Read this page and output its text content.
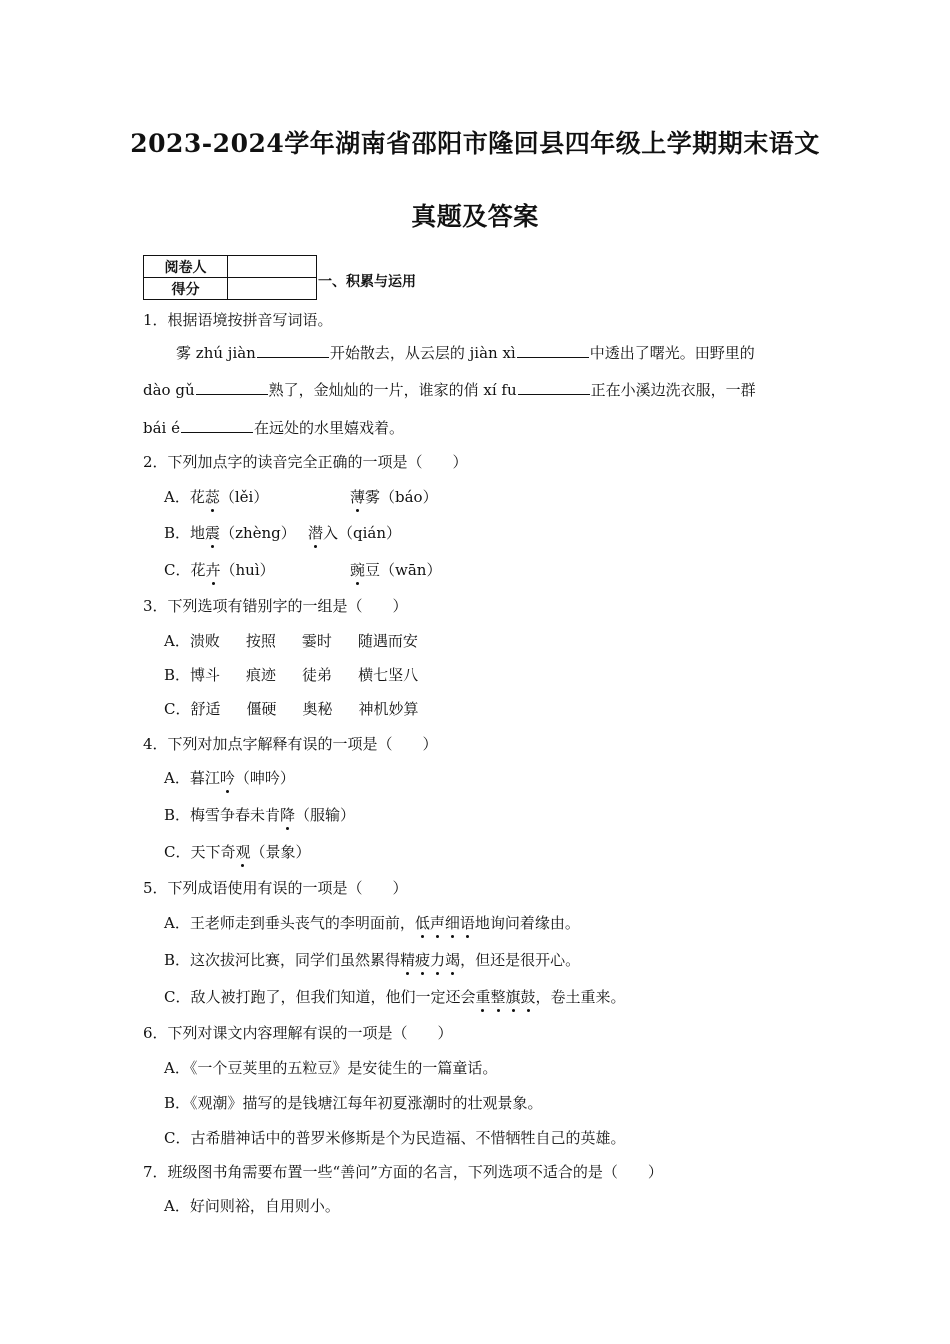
2023-2024学年湖南省邵阳市隆回县四年级上学期期末语文
真题及答案
阅卷人	
得分		一、积累与运用
1．根据语境按拼音写词语。
雾 zhú jiàn	开始散去，从云层的 jiàn xì	中透出了曙光。田野里的
dào gǔ	熟了，金灿灿的一片，谁家的俏 xí fu	正在小溪边洗衣服，一群
bái é	在远处的水里嬉戏着。
2．下列加点字的读音完全正确的一项是（　　）
A．花蕊（lěi）	薄雾（báo）
B．地震（zhèng） 潜入（qián）
C．花卉（huì）	豌豆（wān）
3．下列选项有错别字的一组是（　　）
A．溃败 按照 霎时 随遇而安
B．博斗 痕迹 徒弟 横七坚八
C．舒适 僵硬 奥秘 神机妙算
4．下列对加点字解释有误的一项是（　　）
A．暮江吟（呻吟）
B．梅雪争春未肯降（服输）
C．天下奇观（景象）
5．下列成语使用有误的一项是（　　）
A．王老师走到垂头丧气的李明面前，低声细语地询问着缘由。
B．这次拔河比赛，同学们虽然累得精疲力竭，但还是很开心。
C．敌人被打跑了，但我们知道，他们一定还会重整旗鼓，卷土重来。
6．下列对课文内容理解有误的一项是（　　）
A．《一个豆荚里的五粒豆》是安徒生的一篇童话。
B．《观潮》描写的是钱塘江每年初夏涨潮时的壮观景象。
C．古希腊神话中的普罗米修斯是个为民造福、不惜牺牲自己的英雄。
7．班级图书角需要布置一些“善问”方面的名言，下列选项不适合的是（　　）
A．好问则裕，自用则小。
